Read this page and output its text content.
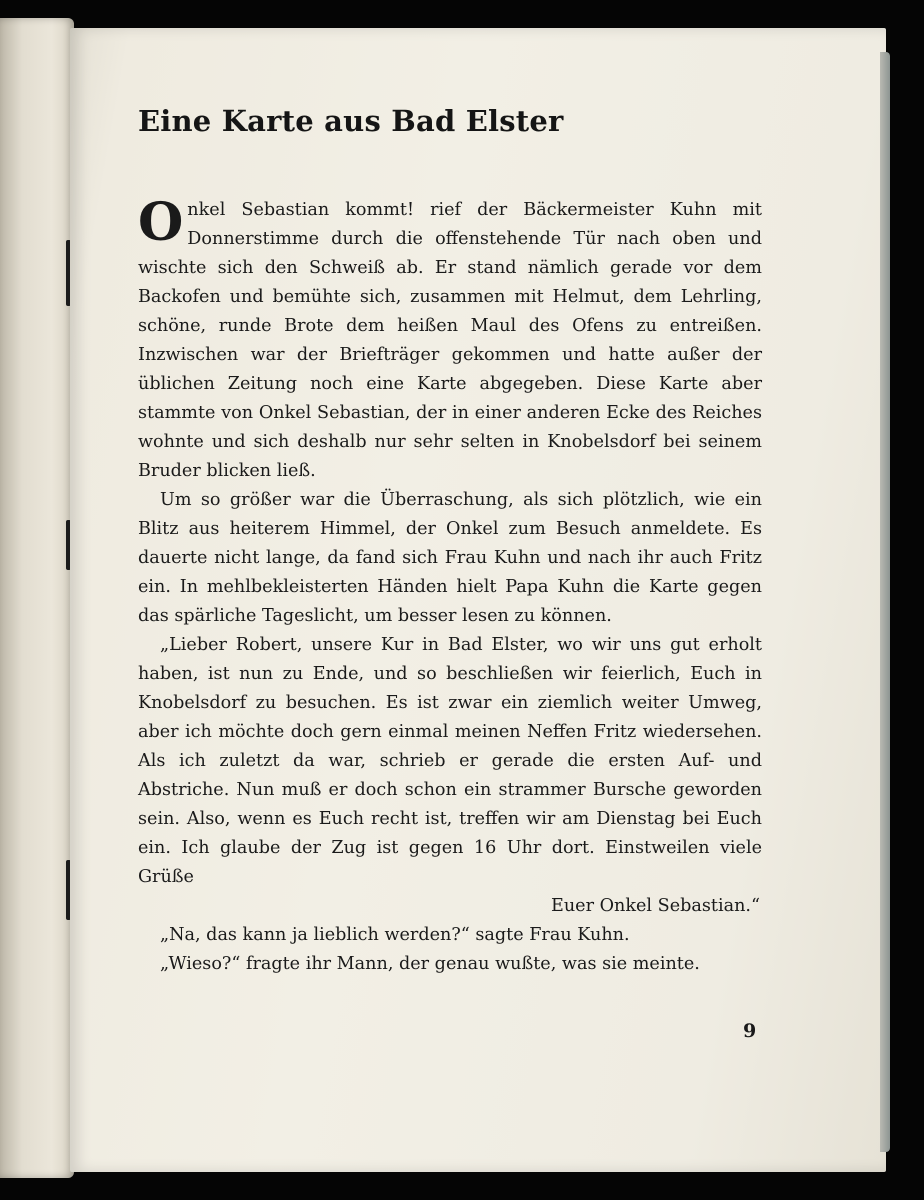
Eine Karte aus Bad Elster

Onkel Sebastian kommt! rief der Bäckermeister Kuhn mit Donnerstimme durch die offenstehende Tür nach oben und wischte sich den Schweiß ab. Er stand nämlich gerade vor dem Backofen und bemühte sich, zusammen mit Helmut, dem Lehrling, schöne, runde Brote dem heißen Maul des Ofens zu entreißen. Inzwischen war der Briefträger gekommen und hatte außer der üblichen Zeitung noch eine Karte abgegeben. Diese Karte aber stammte von Onkel Sebastian, der in einer anderen Ecke des Reiches wohnte und sich deshalb nur sehr selten in Knobelsdorf bei seinem Bruder blicken ließ.

Um so größer war die Überraschung, als sich plötzlich, wie ein Blitz aus heiterem Himmel, der Onkel zum Besuch anmeldete. Es dauerte nicht lange, da fand sich Frau Kuhn und nach ihr auch Fritz ein. In mehlbekleisterten Händen hielt Papa Kuhn die Karte gegen das spärliche Tageslicht, um besser lesen zu können.

„Lieber Robert, unsere Kur in Bad Elster, wo wir uns gut erholt haben, ist nun zu Ende, und so beschließen wir feierlich, Euch in Knobelsdorf zu besuchen. Es ist zwar ein ziemlich weiter Umweg, aber ich möchte doch gern einmal meinen Neffen Fritz wiedersehen. Als ich zuletzt da war, schrieb er gerade die ersten Auf- und Abstriche. Nun muß er doch schon ein strammer Bursche geworden sein. Also, wenn es Euch recht ist, treffen wir am Dienstag bei Euch ein. Ich glaube der Zug ist gegen 16 Uhr dort. Einstweilen viele Grüße

Euer Onkel Sebastian.“

„Na, das kann ja lieblich werden?“ sagte Frau Kuhn.

„Wieso?“ fragte ihr Mann, der genau wußte, was sie meinte.

9
